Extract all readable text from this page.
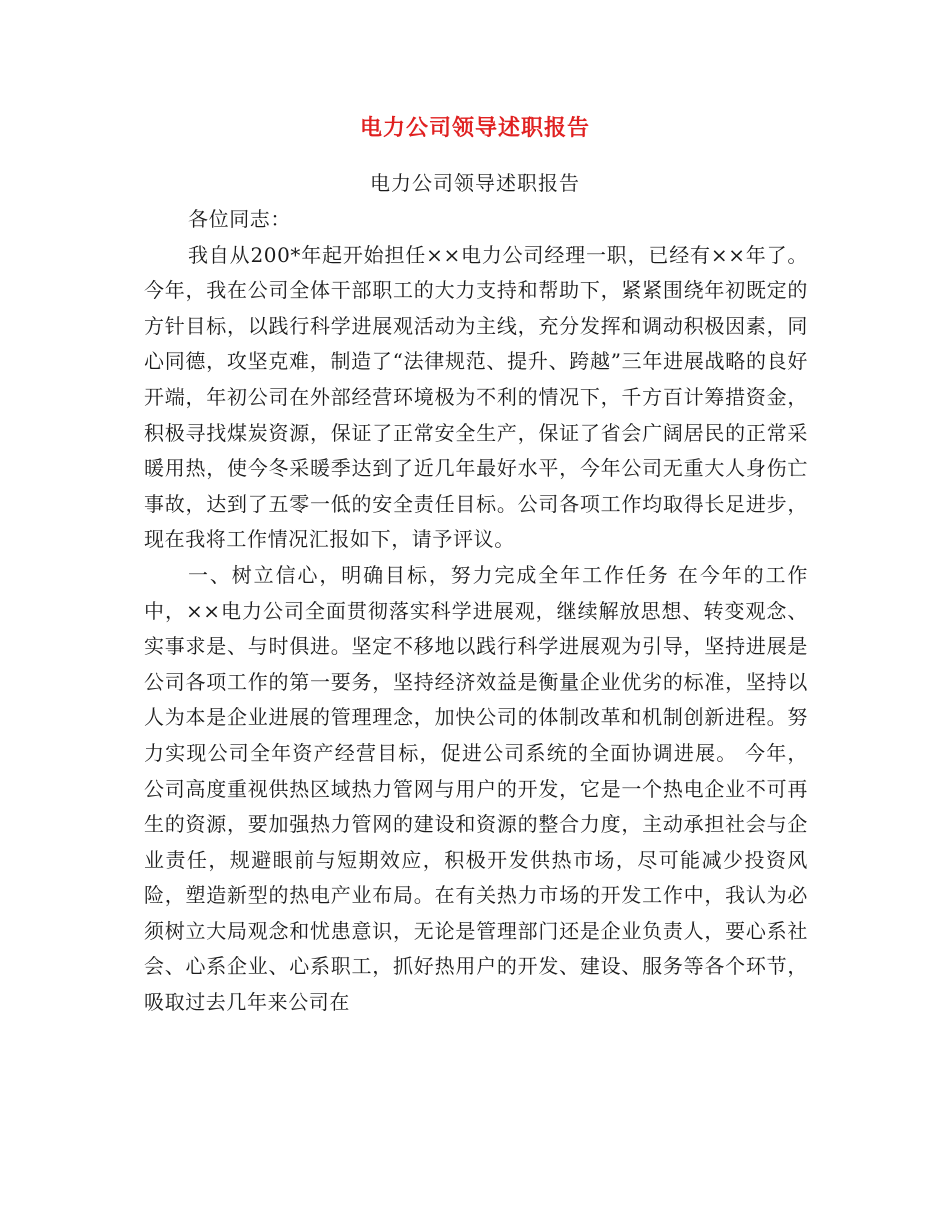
电力公司领导述职报告
电力公司领导述职报告

各位同志：

我自从200*年起开始担任××电力公司经理一职，已经有××年了。今年，我在公司全体干部职工的大力支持和帮助下，紧紧围绕年初既定的方针目标，以践行科学进展观活动为主线，充分发挥和调动积极因素，同心同德，攻坚克难，制造了“法律规范、提升、跨越”三年进展战略的良好开端，年初公司在外部经营环境极为不利的情况下，千方百计筹措资金，积极寻找煤炭资源，保证了正常安全生产，保证了省会广阔居民的正常采暖用热，使今冬采暖季达到了近几年最好水平，今年公司无重大人身伤亡事故，达到了五零一低的安全责任目标。公司各项工作均取得长足进步，现在我将工作情况汇报如下，请予评议。

一、树立信心，明确目标，努力完成全年工作任务 在今年的工作中，××电力公司全面贯彻落实科学进展观，继续解放思想、转变观念、实事求是、与时俱进。坚定不移地以践行科学进展观为引导，坚持进展是公司各项工作的第一要务，坚持经济效益是衡量企业优劣的标准，坚持以人为本是企业进展的管理理念，加快公司的体制改革和机制创新进程。努力实现公司全年资产经营目标，促进公司系统的全面协调进展。 今年，公司高度重视供热区域热力管网与用户的开发，它是一个热电企业不可再生的资源，要加强热力管网的建设和资源的整合力度，主动承担社会与企业责任，规避眼前与短期效应，积极开发供热市场，尽可能减少投资风险，塑造新型的热电产业布局。在有关热力市场的开发工作中，我认为必须树立大局观念和忧患意识，无论是管理部门还是企业负责人，要心系社会、心系企业、心系职工，抓好热用户的开发、建设、服务等各个环节，吸取过去几年来公司在
